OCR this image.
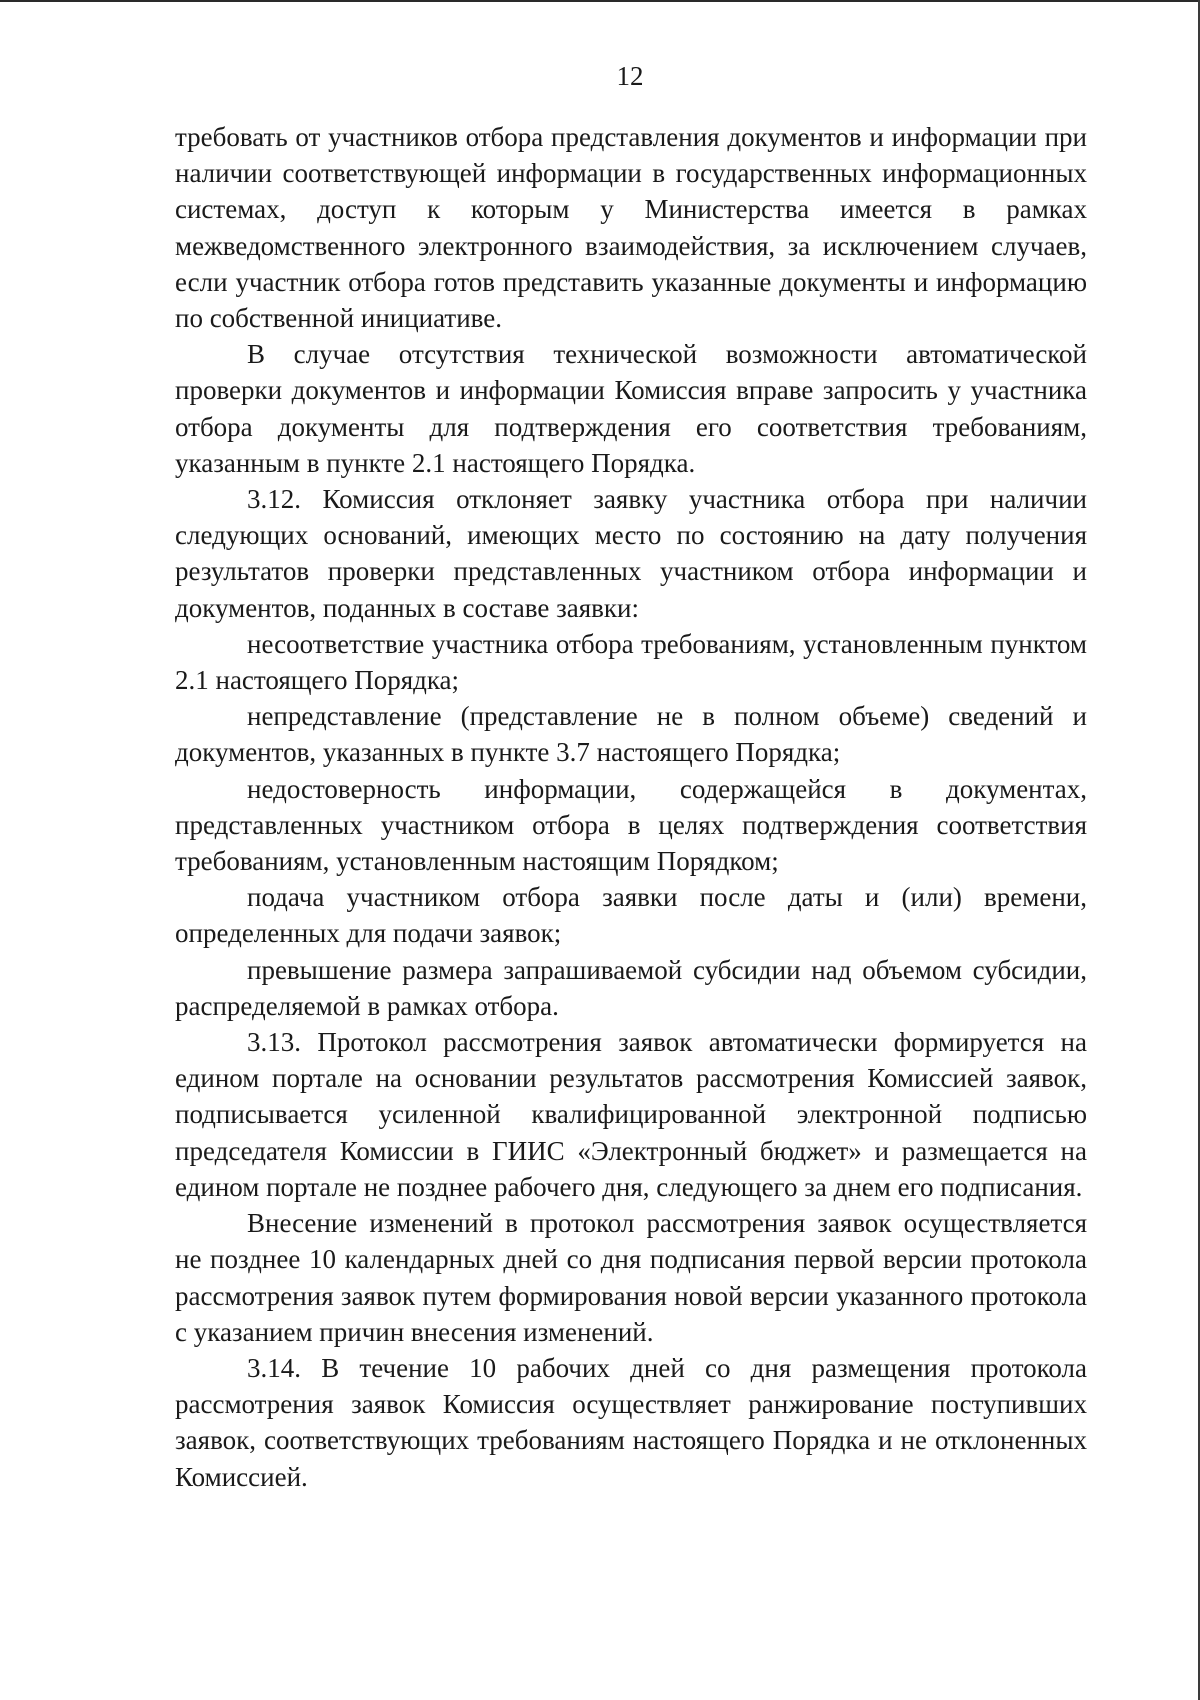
12

требовать от участников отбора представления документов и информации при наличии соответствующей информации в государственных информационных системах, доступ к которым у Министерства имеется в рамках межведомственного электронного взаимодействия, за исключением случаев, если участник отбора готов представить указанные документы и информацию по собственной инициативе.

В случае отсутствия технической возможности автоматической проверки документов и информации Комиссия вправе запросить у участника отбора документы для подтверждения его соответствия требованиям, указанным в пункте 2.1 настоящего Порядка.

3.12. Комиссия отклоняет заявку участника отбора при наличии следующих оснований, имеющих место по состоянию на дату получения результатов проверки представленных участником отбора информации и документов, поданных в составе заявки:

несоответствие участника отбора требованиям, установленным пунктом 2.1 настоящего Порядка;

непредставление (представление не в полном объеме) сведений и документов, указанных в пункте 3.7 настоящего Порядка;

недостоверность информации, содержащейся в документах, представленных участником отбора в целях подтверждения соответствия требованиям, установленным настоящим Порядком;

подача участником отбора заявки после даты и (или) времени, определенных для подачи заявок;

превышение размера запрашиваемой субсидии над объемом субсидии, распределяемой в рамках отбора.

3.13. Протокол рассмотрения заявок автоматически формируется на едином портале на основании результатов рассмотрения Комиссией заявок, подписывается усиленной квалифицированной электронной подписью председателя Комиссии в ГИИС «Электронный бюджет» и размещается на едином портале не позднее рабочего дня, следующего за днем его подписания.

Внесение изменений в протокол рассмотрения заявок осуществляется не позднее 10 календарных дней со дня подписания первой версии протокола рассмотрения заявок путем формирования новой версии указанного протокола с указанием причин внесения изменений.

3.14. В течение 10 рабочих дней со дня размещения протокола рассмотрения заявок Комиссия осуществляет ранжирование поступивших заявок, соответствующих требованиям настоящего Порядка и не отклоненных Комиссией.
